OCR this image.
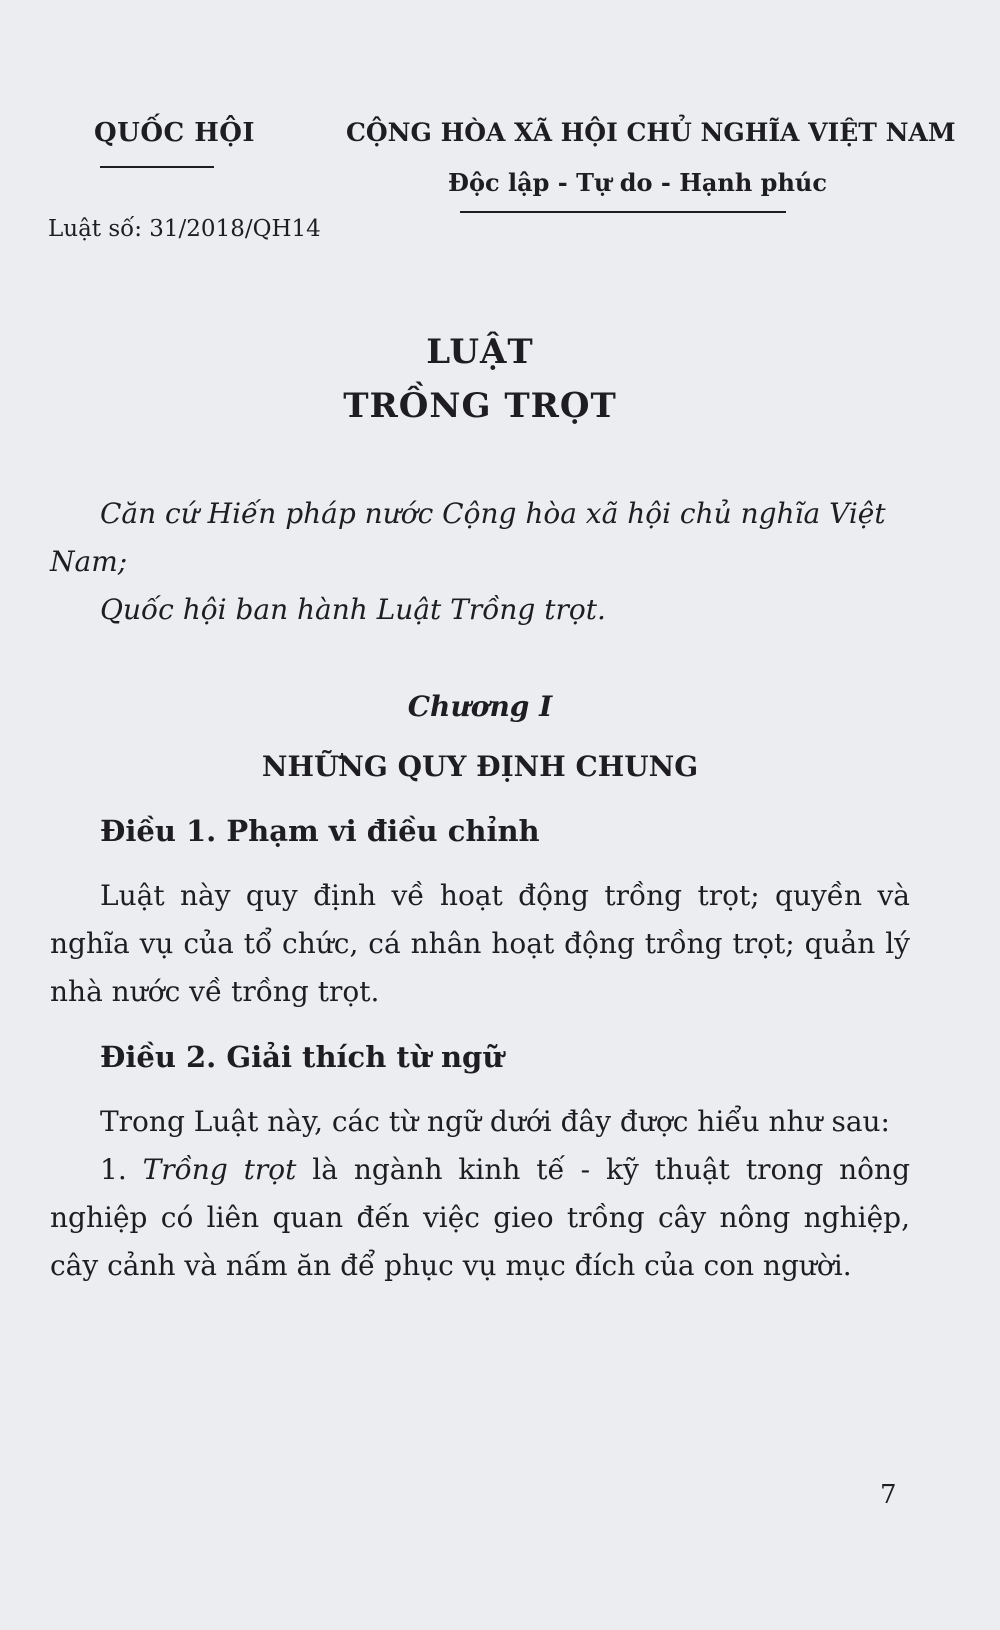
QUỐC HỘI	CỘNG HÒA XÃ HỘI CHỦ NGHĨA VIỆT NAM
Độc lập - Tự do - Hạnh phúc
Luật số: 31/2018/QH14
LUẬT
TRỒNG TRỌT

Căn cứ Hiến pháp nước Cộng hòa xã hội chủ nghĩa Việt Nam;

Quốc hội ban hành Luật Trồng trọt.

Chương I
NHỮNG QUY ĐỊNH CHUNG
Điều 1. Phạm vi điều chỉnh

Luật này quy định về hoạt động trồng trọt; quyền và nghĩa vụ của tổ chức, cá nhân hoạt động trồng trọt; quản lý nhà nước về trồng trọt.

Điều 2. Giải thích từ ngữ

Trong Luật này, các từ ngữ dưới đây được hiểu như sau:

1. Trồng trọt là ngành kinh tế - kỹ thuật trong nông nghiệp có liên quan đến việc gieo trồng cây nông nghiệp, cây cảnh và nấm ăn để phục vụ mục đích của con người.

7
